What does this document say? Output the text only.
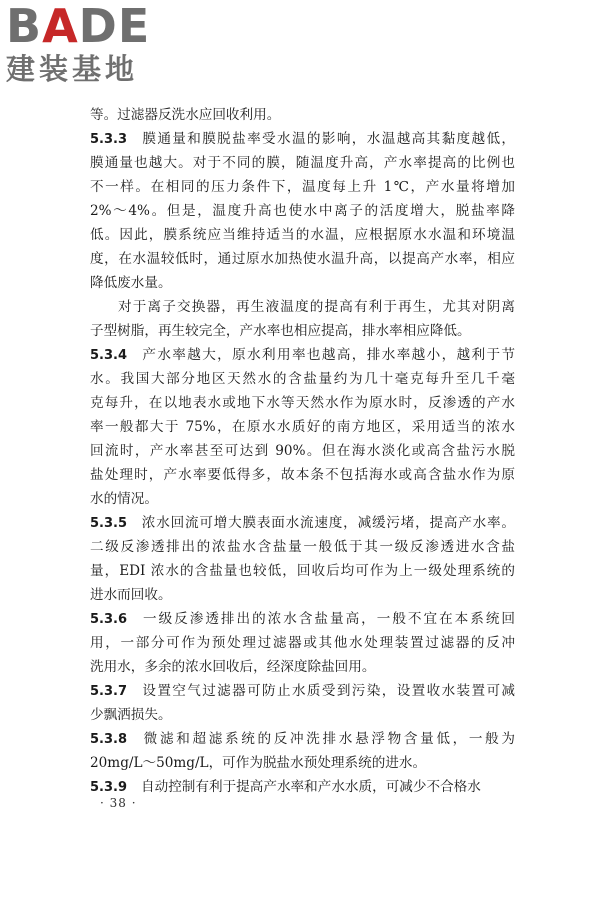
BADE
建装基地
等。过滤器反洗水应回收利用。
5.3.3 膜通量和膜脱盐率受水温的影响，水温越高其黏度越低，
膜通量也越大。对于不同的膜，随温度升高，产水率提高的比例也
不一样。在相同的压力条件下，温度每上升 1℃，产水量将增加
2%～4%。但是，温度升高也使水中离子的活度增大，脱盐率降
低。因此，膜系统应当维持适当的水温，应根据原水水温和环境温
度，在水温较低时，通过原水加热使水温升高，以提高产水率，相应
降低废水量。
对于离子交换器，再生液温度的提高有利于再生，尤其对阴离
子型树脂，再生较完全，产水率也相应提高，排水率相应降低。
5.3.4 产水率越大，原水利用率也越高，排水率越小，越利于节
水。我国大部分地区天然水的含盐量约为几十毫克每升至几千毫
克每升，在以地表水或地下水等天然水作为原水时，反渗透的产水
率一般都大于 75%，在原水水质好的南方地区，采用适当的浓水
回流时，产水率甚至可达到 90%。但在海水淡化或高含盐污水脱
盐处理时，产水率要低得多，故本条不包括海水或高含盐水作为原
水的情况。
5.3.5 浓水回流可增大膜表面水流速度，减缓污堵，提高产水率。
二级反渗透排出的浓盐水含盐量一般低于其一级反渗透进水含盐
量，EDI 浓水的含盐量也较低，回收后均可作为上一级处理系统的
进水而回收。
5.3.6 一级反渗透排出的浓水含盐量高，一般不宜在本系统回
用，一部分可作为预处理过滤器或其他水处理装置过滤器的反冲
洗用水，多余的浓水回收后，经深度除盐回用。
5.3.7 设置空气过滤器可防止水质受到污染，设置收水装置可减
少飘洒损失。
5.3.8 微滤和超滤系统的反冲洗排水悬浮物含量低，一般为
20mg/L～50mg/L，可作为脱盐水预处理系统的进水。
5.3.9 自动控制有利于提高产水率和产水水质，可减少不合格水
· 38 ·
